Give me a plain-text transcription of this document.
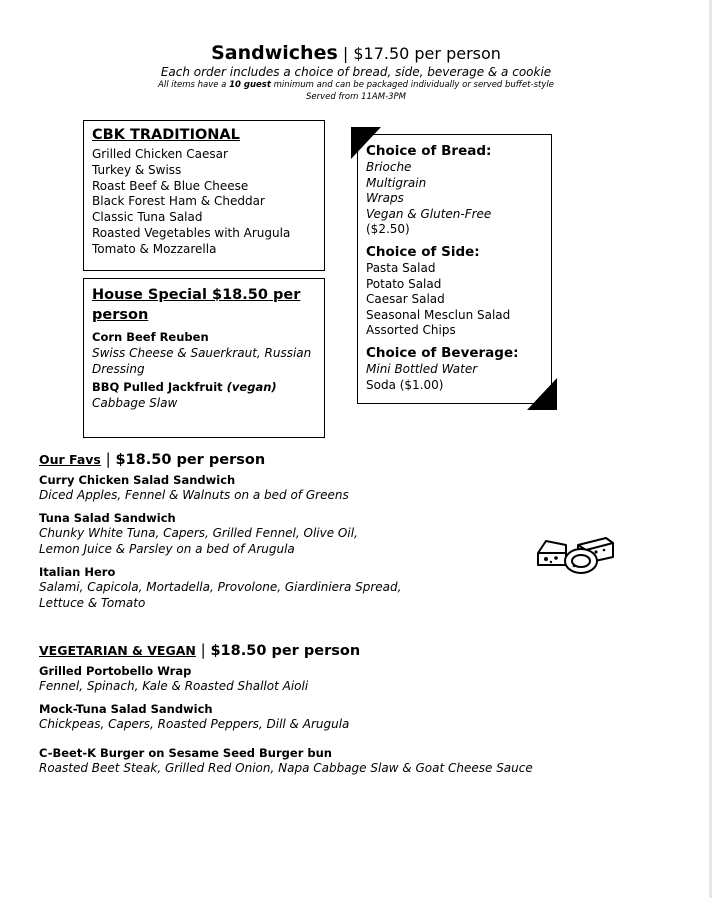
Sandwiches | $17.50 per person
Each order includes a choice of bread, side, beverage & a cookie
All items have a 10 guest minimum and can be packaged individually or served buffet-style
Served from 11AM-3PM
CBK TRADITIONAL
Grilled Chicken Caesar
Turkey & Swiss
Roast Beef & Blue Cheese
Black Forest Ham & Cheddar
Classic Tuna Salad
Roasted Vegetables with Arugula
Tomato & Mozzarella
House Special $18.50 per person
Corn Beef Reuben
Swiss Cheese & Sauerkraut, Russian Dressing
BBQ Pulled Jackfruit (vegan)
Cabbage Slaw
Choice of Bread:
Brioche
Multigrain
Wraps
Vegan & Gluten-Free
($2.50)
Choice of Side:
Pasta Salad
Potato Salad
Caesar Salad
Seasonal Mesclun Salad
Assorted Chips
Choice of Beverage:
Mini Bottled Water
Soda ($1.00)
Our Favs | $18.50 per person
Curry Chicken Salad Sandwich
Diced Apples, Fennel & Walnuts on a bed of Greens
Tuna Salad Sandwich
Chunky White Tuna, Capers, Grilled Fennel, Olive Oil,
Lemon Juice & Parsley on a bed of Arugula
Italian Hero
Salami, Capicola, Mortadella, Provolone, Giardiniera Spread,
Lettuce & Tomato
VEGETARIAN & VEGAN | $18.50 per person
Grilled Portobello Wrap
Fennel, Spinach, Kale & Roasted Shallot Aioli
Mock-Tuna Salad Sandwich
Chickpeas, Capers, Roasted Peppers, Dill & Arugula
C-Beet-K Burger on Sesame Seed Burger bun
Roasted Beet Steak, Grilled Red Onion, Napa Cabbage Slaw & Goat Cheese Sauce
